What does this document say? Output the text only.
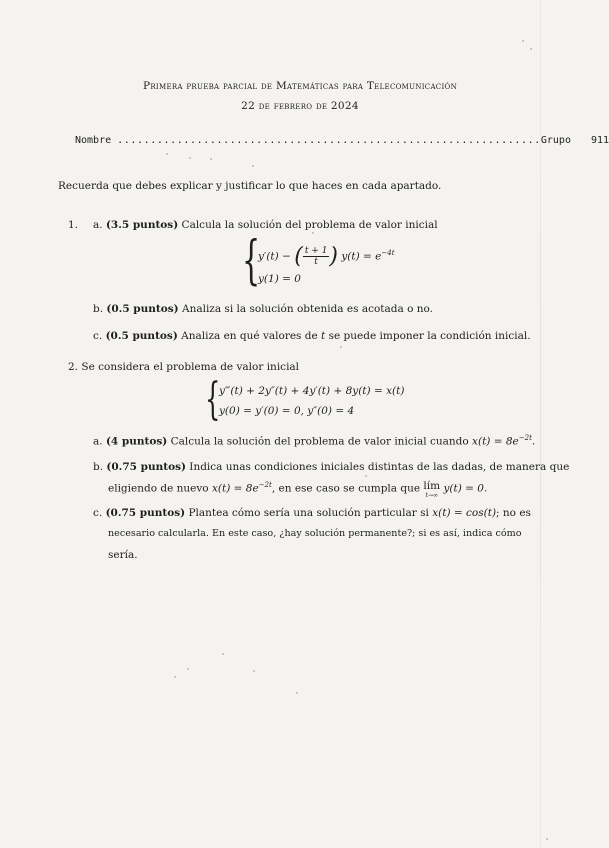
Primera prueba parcial de Matemáticas para Telecomunicación
22 de febrero de 2024
Nombre ................................................................Grupo 911
Recuerda que debes explicar y justificar lo que haces en cada apartado.
1. a. (3.5 puntos) Calcula la solución del problema de valor inicial
{
y′(t) − ( $\frac{t + 1}{t}$ ) $y(t) = e^{-4t}$
y(1) = 0
b. (0.5 puntos) Analiza si la solución obtenida es acotada o no.
c. (0.5 puntos) Analiza en qué valores de t se puede imponer la condición inicial.
2. Se considera el problema de valor inicial
{
y‴(t) + 2y″(t) + 4y′(t) + 8y(t) = x(t)
y(0) = y′(0) = 0, y″(0) = 4
a. (4 puntos) Calcula la solución del problema de valor inicial cuando $x(t) = 8e^{-2t}$.
b. (0.75 puntos) Indica unas condiciones iniciales distintas de las dadas, de manera que
eligiendo de nuevo $x(t) = 8e^{-2t}$, en ese caso se cumpla que lím
t→∞
y(t) = 0.
c. (0.75 puntos) Plantea cómo sería una solución particular si x(t) = cos(t); no es
necesario calcularla. En este caso, ¿hay solución permanente?; si es así, indica cómo
sería.
